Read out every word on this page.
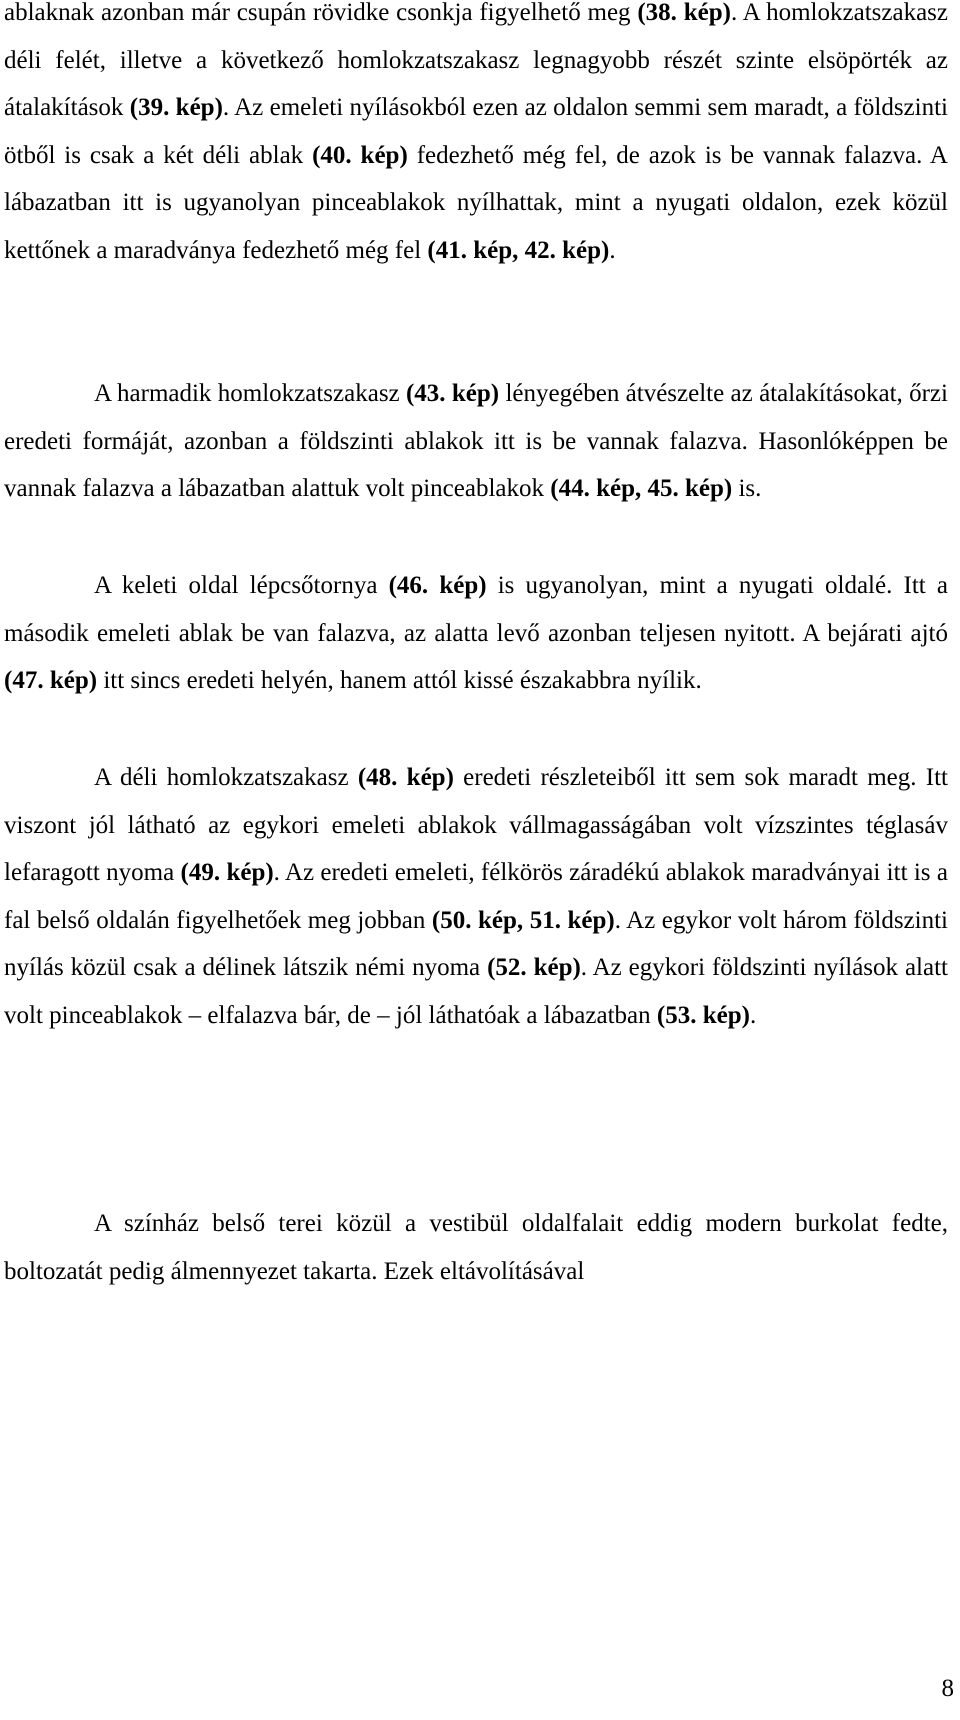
ablaknak azonban már csupán rövidke csonkja figyelhető meg (38. kép). A homlokzatszakasz déli felét, illetve a következő homlokzatszakasz legnagyobb részét szinte elsöpörték az átalakítások (39. kép). Az emeleti nyílásokból ezen az oldalon semmi sem maradt, a földszinti ötből is csak a két déli ablak (40. kép) fedezhető még fel, de azok is be vannak falazva. A lábazatban itt is ugyanolyan pinceablakok nyílhattak, mint a nyugati oldalon, ezek közül kettőnek a maradványa fedezhető még fel (41. kép, 42. kép).

A harmadik homlokzatszakasz (43. kép) lényegében átvészelte az átalakításokat, őrzi eredeti formáját, azonban a földszinti ablakok itt is be vannak falazva. Hasonlóképpen be vannak falazva a lábazatban alattuk volt pinceablakok (44. kép, 45. kép) is.

A keleti oldal lépcsőtornya (46. kép) is ugyanolyan, mint a nyugati oldalé. Itt a második emeleti ablak be van falazva, az alatta levő azonban teljesen nyitott. A bejárati ajtó (47. kép) itt sincs eredeti helyén, hanem attól kissé északabbra nyílik.

A déli homlokzatszakasz (48. kép) eredeti részleteiből itt sem sok maradt meg. Itt viszont jól látható az egykori emeleti ablakok vállmagasságában volt vízszintes téglasáv lefaragott nyoma (49. kép). Az eredeti emeleti, félkörös záradékú ablakok maradványai itt is a fal belső oldalán figyelhetőek meg jobban (50. kép, 51. kép). Az egykor volt három földszinti nyílás közül csak a délinek látszik némi nyoma (52. kép). Az egykori földszinti nyílások alatt volt pinceablakok – elfalazva bár, de – jól láthatóak a lábazatban (53. kép).

A színház belső terei közül a vestibül oldalfalait eddig modern burkolat fedte, boltozatát pedig álmennyezet takarta. Ezek eltávolításával

8
